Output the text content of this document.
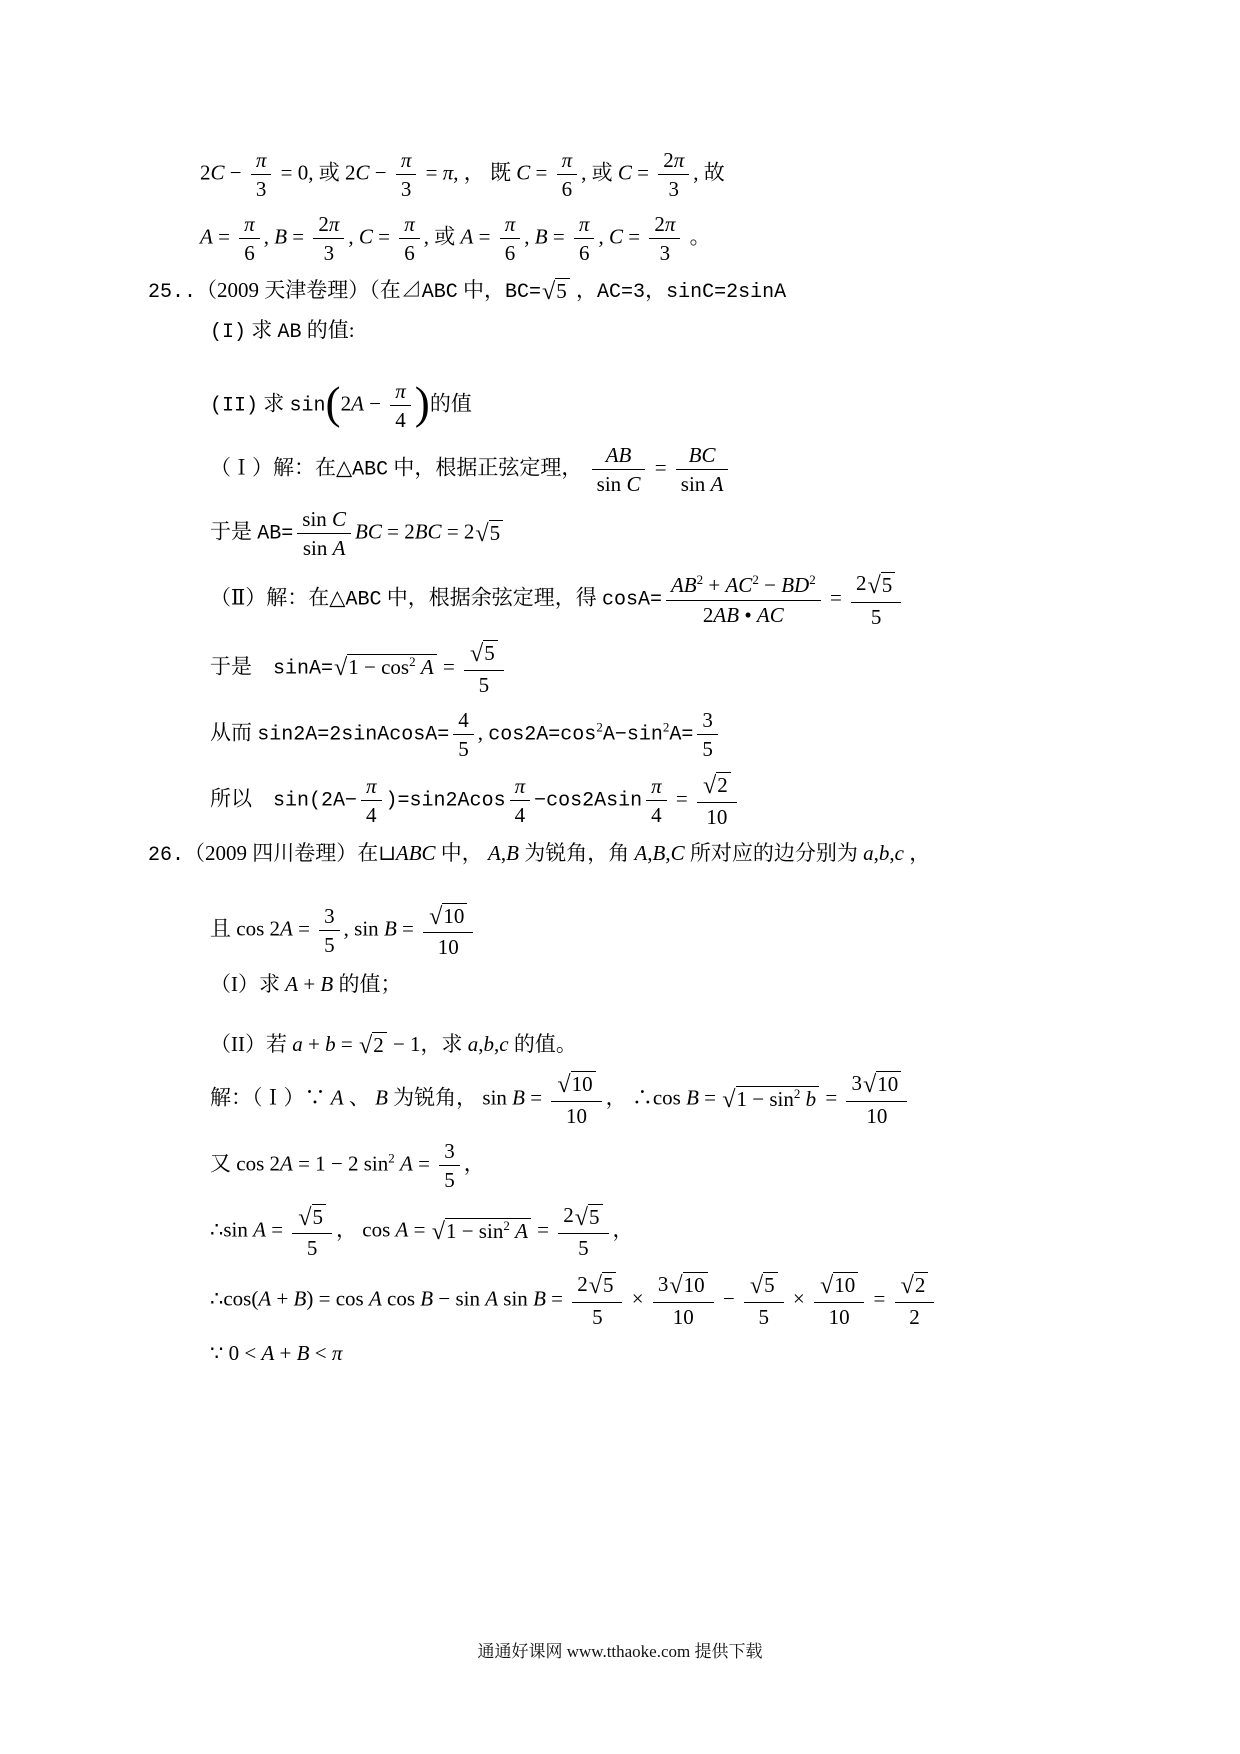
$2C - \frac{\pi}{3} = 0$, 或 $2C - \frac{\pi}{3} = \pi$, ， 既 $C = \frac{\pi}{6}$ , 或 $C = \frac{2\pi}{3}$ , 故
$A = \frac{\pi}{6}$ , $B = \frac{2\pi}{3}$ , $C = \frac{\pi}{6}$ , 或 $A = \frac{\pi}{6}$ , $B = \frac{\pi}{6}$ , $C = \frac{2\pi}{3}$ 。
25..（2009 天津卷理）（在⊿ABC 中，BC= √ 5 ，AC=3，sinC=2sinA
(I) 求 AB 的值:
(II) 求 $\sin(2A - \frac{\pi}{4}$ )的值
（Ｉ）解：在△ABC 中，根据正弦定理， $\frac{AB}{\text{sin C}} = \frac{BC}{\text{sin A}}$
于是 $AB= \frac{\text{sin C}}{\text{sin A}}$ BC = 2BC = 2 √ 5
（Ⅱ）解：在△ABC 中，根据余弦定理，得 $\cos A= \frac{AB^2 + AC^2 - BD^2}{2AB • AC} = \frac{2 √ 5}{5}$
于是　sinA= √ $1 - \cos^2 A = \frac{√ 5}{5}$
从而 sin2A=2sinAcosA= $\frac{4}{5}$ , $\cos 2A=\cos^2A-\sin^2A= \frac{3}{5}$
所以　$\sin(2A- \frac{\pi}{4} )=\sin 2Acos \frac{\pi}{4} -\cos 2Asin \frac{\pi}{4} = \frac{√ 2}{10}$
26.（2009 四川卷理）在⊔ABC 中， A,B 为锐角，角 A,B,C 所对应的边分别为 a,b,c ，
且 $\cos 2A = \frac{3}{5}$ , $\sin B = \frac{√ 10}{10}$
（I）求 A + B 的值；
（II）若 a + b = √ 2 − 1，求 a,b,c 的值。
解：（Ｉ）∵ A 、 B 为锐角， $\sin B = \frac{√ 10}{10}$ ， ∴cos B = √ $1 - \sin^2 b = \frac{3 √ 10}{10}$
又 cos 2A = 1 − 2 $\sin^2 A = \frac{3}{5}$ ，
∴sin $A = \frac{√ 5}{5}$ ， cos A = √ $1 - \sin^2 A = \frac{2 √ 5}{5}$ ，
∴cos(A + B) = cos A cos B − sin A $\sin B = \frac{2 √ 5}{5} \times \frac{3 √ 10}{10} - \frac{√ 5}{5} \times \frac{√ 10}{10} = \frac{√ 2}{2}$
∵ 0 < A + B < π
通通好课网 www.tthaoke.com 提供下载
